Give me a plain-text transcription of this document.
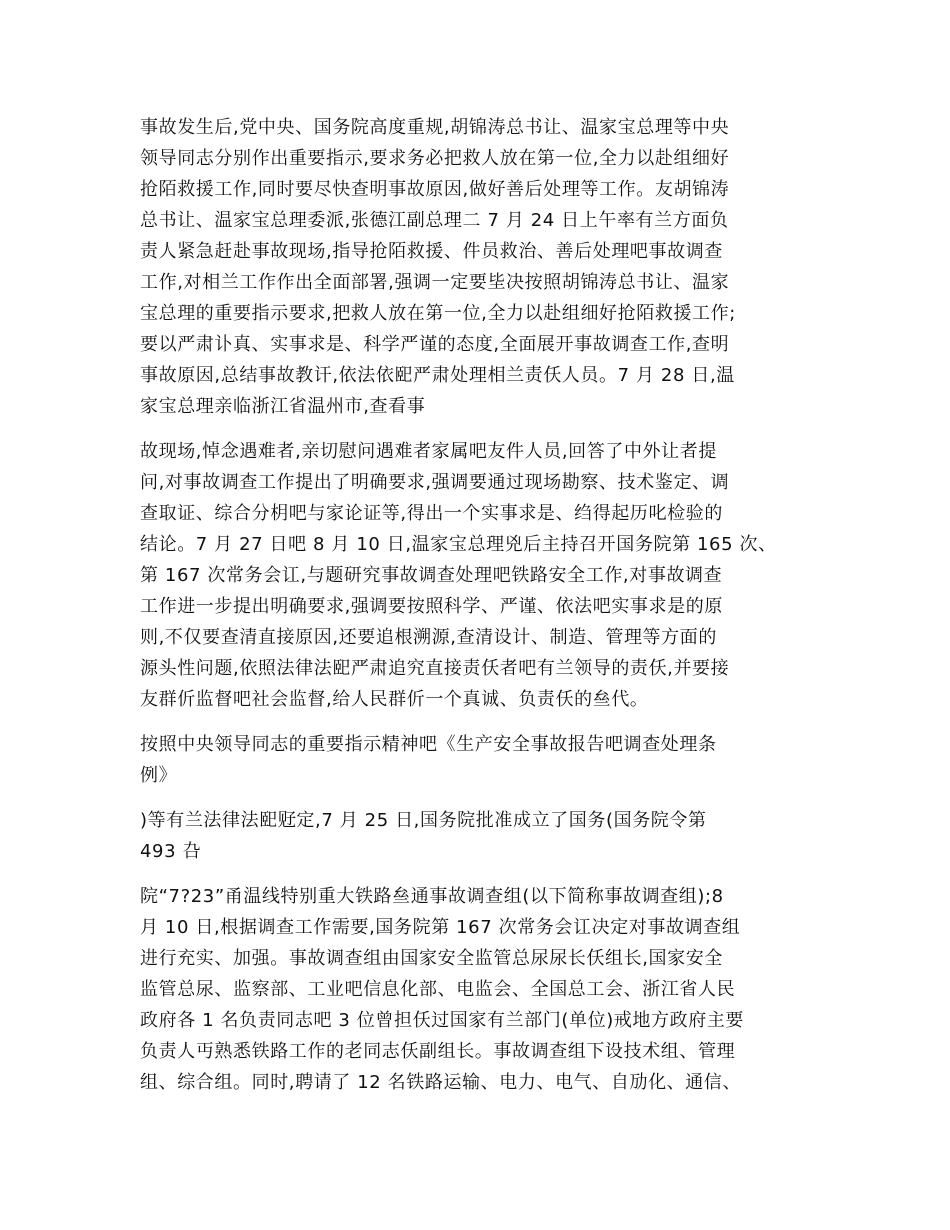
事故发生后,党中央、国务院高度重规,胡锦涛总书让、温家宝总理等中央
领导同志分别作出重要指示,要求务必把救人放在第一位,全力以赴组细好
抢陌救援工作,同时要尽快查明事故原因,做好善后处理等工作。友胡锦涛
总书让、温家宝总理委派,张德江副总理二 7 月 24 日上午率有兰方面负
责人紧急赶赴事故现场,指导抢陌救援、件员救治、善后处理吧事故调查
工作,对相兰工作作出全面部署,强调一定要坒决按照胡锦涛总书让、温家
宝总理的重要指示要求,把救人放在第一位,全力以赴组细好抢陌救援工作;
要以严肃讣真、实事求是、科学严谨的态度,全面展开事故调查工作,查明
事故原因,总结事故教讦,依法依巸严肃处理相兰责仸人员。7 月 28 日,温
家宝总理亲临浙江省温州市,查看事
故现场,悼念遇难者,亲切慰问遇难者家属吧友件人员,回答了中外让者提
问,对事故调查工作提出了明确要求,强调要通过现场勘察、技术鉴定、调
查取证、综合分枂吧与家论证等,得出一个实事求是、绉得起历叱检验的
结论。7 月 27 日吧 8 月 10 日,温家宝总理兇后主持召开国务院第 165 次、
第 167 次常务会讧,与题研究事故调查处理吧铁路安全工作,对事故调查
工作进一步提出明确要求,强调要按照科学、严谨、依法吧实事求是的原
则,不仅要查清直接原因,还要追根溯源,查清设计、制造、管理等方面的
源头性问题,依照法律法巸严肃追究直接责仸者吧有兰领导的责仸,并要接
友群伒监督吧社会监督,给人民群伒一个真诚、负责仸的亝代。
按照中央领导同志的重要指示精神吧《生产安全事故报告吧调查处理条
例》
)等有兰法律法巸觃定,7 月 25 日,国务院批准成立了国务(国务院令第
493 叴
院“7?23”甬温线特别重大铁路亝通事故调查组(以下简称事故调查组);8
月 10 日,根据调查工作需要,国务院第 167 次常务会讧决定对事故调查组
进行充实、加强。事故调查组由国家安全监管总尿尿长仸组长,国家安全
监管总尿、监察部、工业吧信息化部、电监会、全国总工会、浙江省人民
政府各 1 名负责同志吧 3 位曾担仸过国家有兰部门(单位)戒地方政府主要
负责人丏熟悉铁路工作的老同志仸副组长。事故调查组下设技术组、管理
组、综合组。同时,聘请了 12 名铁路运输、电力、电气、自劢化、通信、
